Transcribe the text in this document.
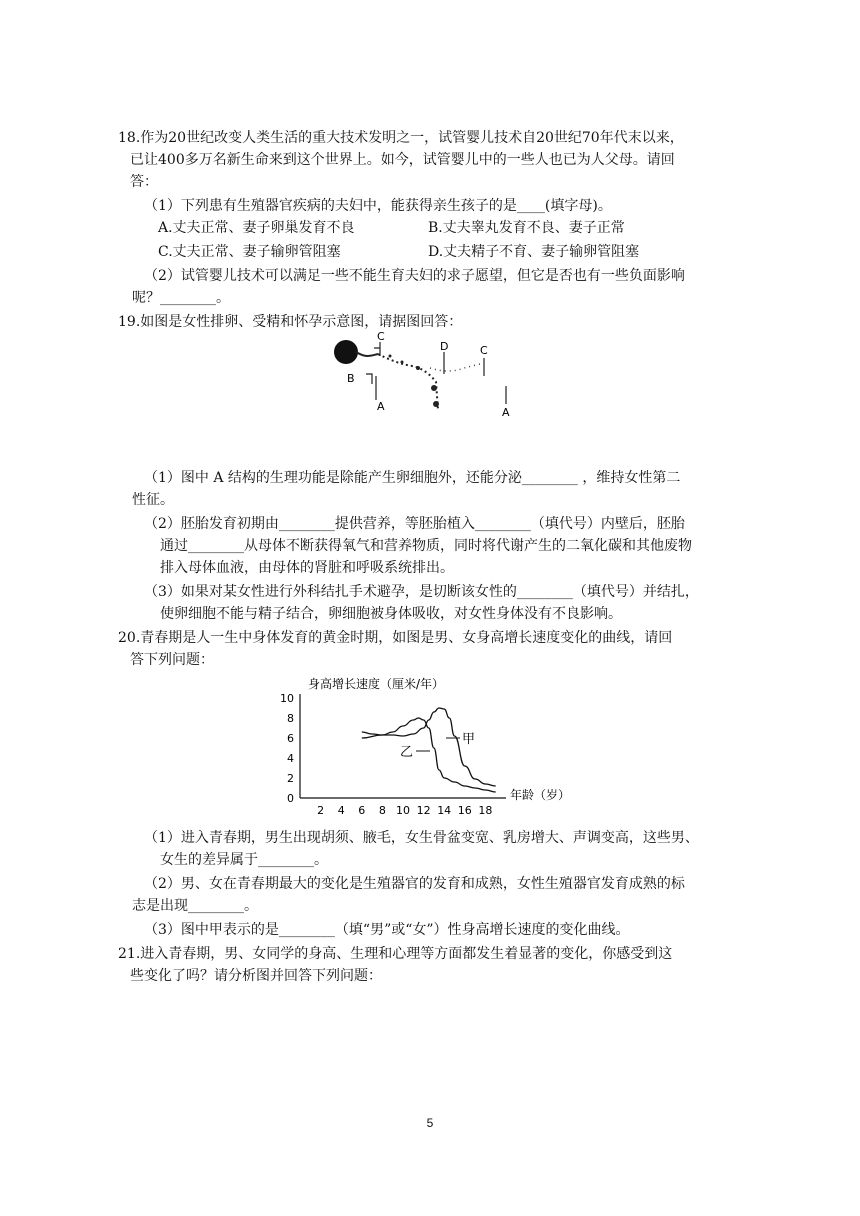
18.作为20世纪改变人类生活的重大技术发明之一，试管婴儿技术自20世纪70年代末以来，
已让400多万名新生命来到这个世界上。如今，试管婴儿中的一些人也已为人父母。请回
答：
（1）下列患有生殖器官疾病的夫妇中，能获得亲生孩子的是____(填字母)。
A.丈夫正常、妻子卵巢发育不良	B.丈夫睾丸发育不良、妻子正常
C.丈夫正常、妻子输卵管阻塞	D.丈夫精子不育、妻子输卵管阻塞
（2）试管婴儿技术可以满足一些不能生育夫妇的求子愿望，但它是否也有一些负面影响
呢？________。
19.如图是女性排卵、受精和怀孕示意图，请据图回答：
C
B
A
D	C
A
（1）图中 A 结构的生理功能是除能产生卵细胞外，还能分泌________ ，维持女性第二
性征。
（2）胚胎发育初期由________提供营养，等胚胎植入________（填代号）内壁后，胚胎
通过________从母体不断获得氧气和营养物质，同时将代谢产生的二氧化碳和其他废物
排入母体血液，由母体的肾脏和呼吸系统排出。
（3）如果对某女性进行外科结扎手术避孕，是切断该女性的________（填代号）并结扎，
使卵细胞不能与精子结合，卵细胞被身体吸收，对女性身体没有不良影响。
20.青春期是人一生中身体发育的黄金时期，如图是男、女身高增长速度变化的曲线，请回
答下列问题：
身高增长速度（厘米/年）
年龄（岁）
2 4 6 8 10 12 14 16 18
0
2
4
6
8
10
甲
乙
（1）进入青春期，男生出现胡须、腋毛，女生骨盆变宽、乳房增大、声调变高，这些男、
女生的差异属于________。
（2）男、女在青春期最大的变化是生殖器官的发育和成熟，女性生殖器官发育成熟的标
志是出现________。
（3）图中甲表示的是________（填“男”或“女”）性身高增长速度的变化曲线。
21.进入青春期，男、女同学的身高、生理和心理等方面都发生着显著的变化，你感受到这
些变化了吗？请分析图并回答下列问题：
5
